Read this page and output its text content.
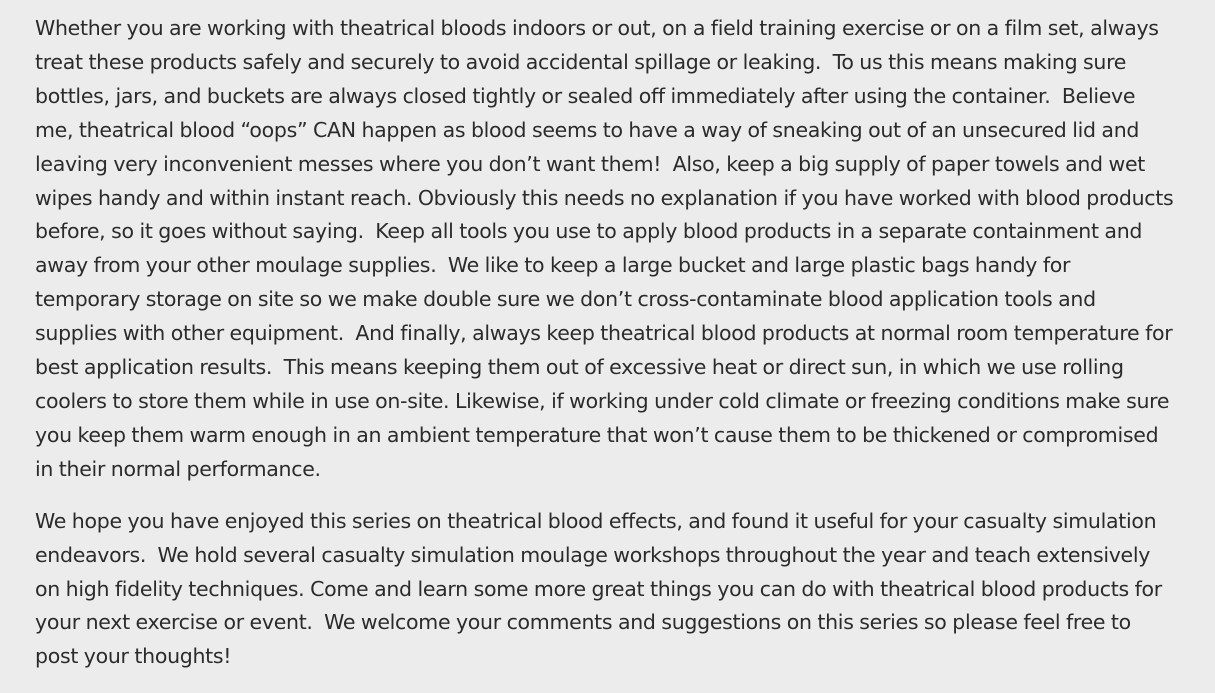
Whether you are working with theatrical bloods indoors or out, on a field training exercise or on a film set, always treat these products safely and securely to avoid accidental spillage or leaking.  To us this means making sure bottles, jars, and buckets are always closed tightly or sealed off immediately after using the container.  Believe me, theatrical blood “oops” CAN happen as blood seems to have a way of sneaking out of an unsecured lid and leaving very inconvenient messes where you don’t want them!  Also, keep a big supply of paper towels and wet wipes handy and within instant reach. Obviously this needs no explanation if you have worked with blood products before, so it goes without saying.  Keep all tools you use to apply blood products in a separate containment and away from your other moulage supplies.  We like to keep a large bucket and large plastic bags handy for temporary storage on site so we make double sure we don’t cross-contaminate blood application tools and supplies with other equipment.  And finally, always keep theatrical blood products at normal room temperature for best application results.  This means keeping them out of excessive heat or direct sun, in which we use rolling coolers to store them while in use on-site. Likewise, if working under cold climate or freezing conditions make sure you keep them warm enough in an ambient temperature that won’t cause them to be thickened or compromised in their normal performance.

We hope you have enjoyed this series on theatrical blood effects, and found it useful for your casualty simulation endeavors.  We hold several casualty simulation moulage workshops throughout the year and teach extensively on high fidelity techniques. Come and learn some more great things you can do with theatrical blood products for your next exercise or event.  We welcome your comments and suggestions on this series so please feel free to post your thoughts!
